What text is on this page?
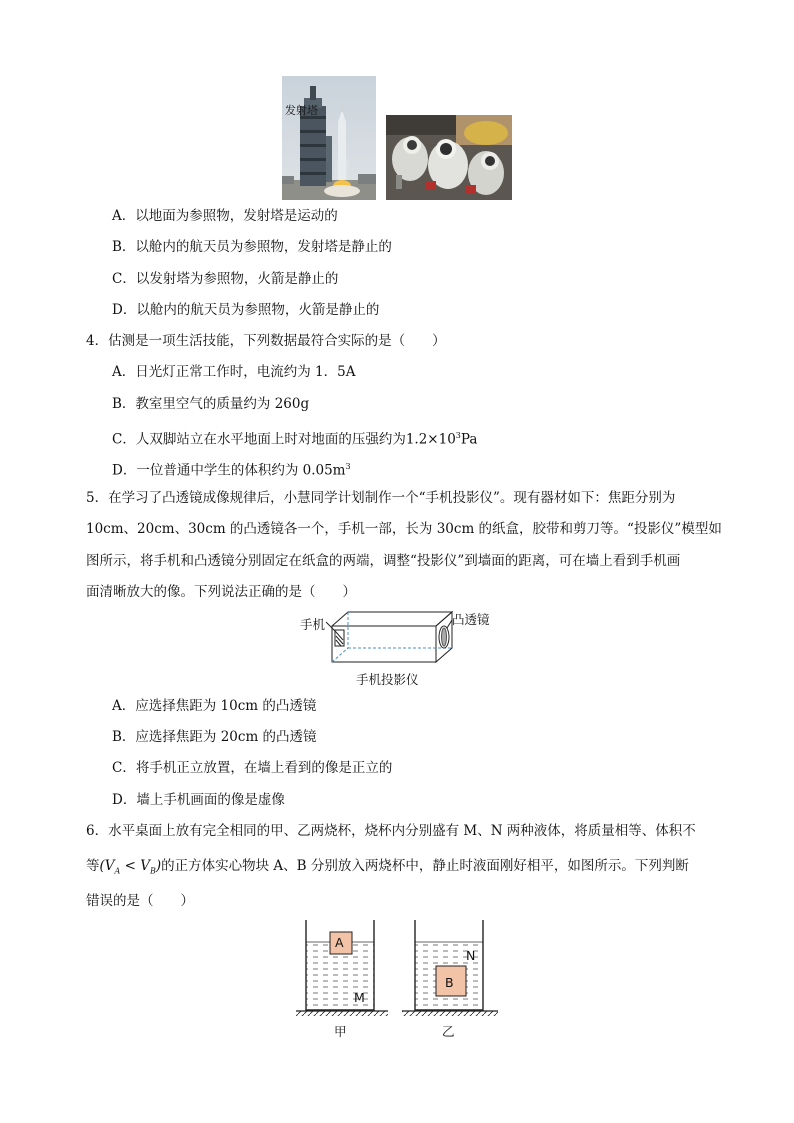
发射塔
A．以地面为参照物，发射塔是运动的
B．以舱内的航天员为参照物，发射塔是静止的
C．以发射塔为参照物，火箭是静止的
D．以舱内的航天员为参照物，火箭是静止的
4．估测是一项生活技能，下列数据最符合实际的是（　　）
A．日光灯正常工作时，电流约为 1．5A
B．教室里空气的质量约为 260g
C．人双脚站立在水平地面上时对地面的压强约为$1.2\times 10^3Pa$
D．一位普通中学生的体积约为 $0.05m^3$
5．在学习了凸透镜成像规律后，小慧同学计划制作一个“手机投影仪”。现有器材如下：焦距分别为
10cm、20cm、30cm 的凸透镜各一个，手机一部，长为 30cm 的纸盒，胶带和剪刀等。“投影仪”模型如
图所示，将手机和凸透镜分别固定在纸盒的两端，调整“投影仪”到墙面的距离，可在墙上看到手机画
面清晰放大的像。下列说法正确的是（　　）
手机	凸透镜
手机投影仪
A．应选择焦距为 10cm 的凸透镜
B．应选择焦距为 20cm 的凸透镜
C．将手机正立放置，在墙上看到的像是正立的
D．墙上手机画面的像是虚像
6．水平桌面上放有完全相同的甲、乙两烧杯，烧杯内分别盛有 M、N 两种液体，将质量相等、体积不
等$(V_A < V_B)$的正方体实心物块 A、B 分别放入两烧杯中，静止时液面刚好相平，如图所示。下列判断
错误的是（　　）
A
B
M
N
甲	乙
